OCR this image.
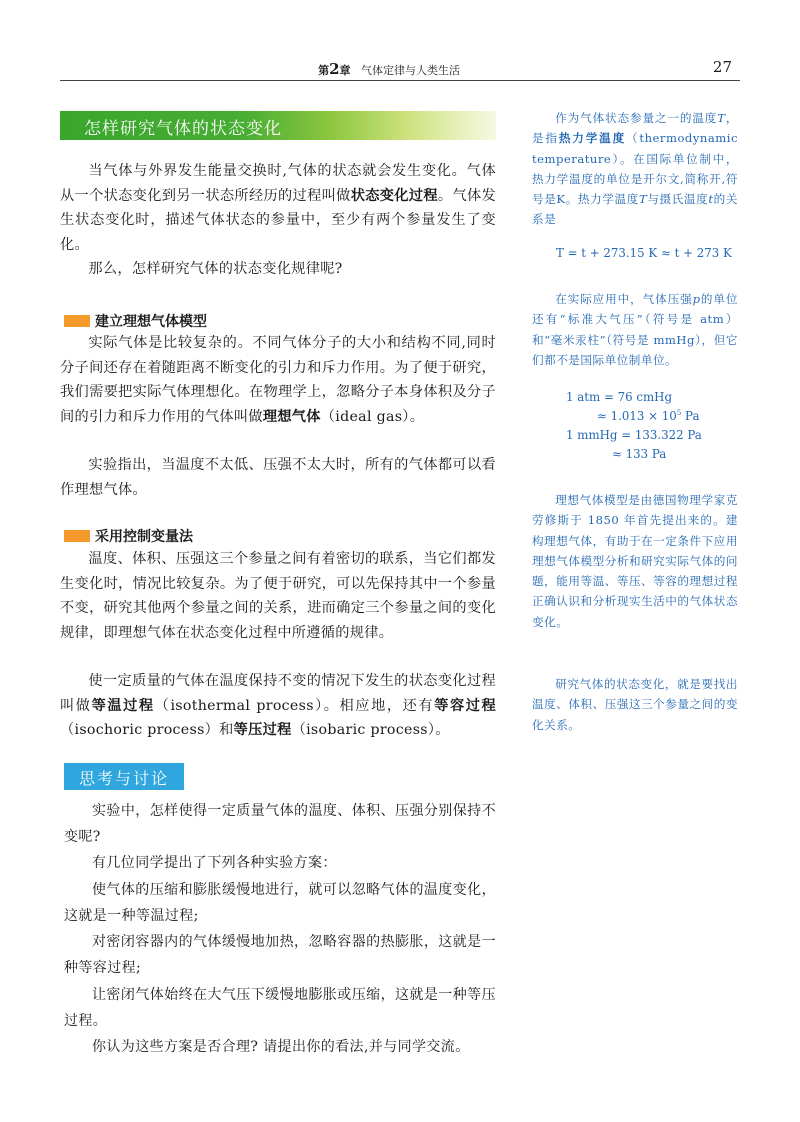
第2章 气体定律与人类生活	27
怎样研究气体的状态变化
当气体与外界发生能量交换时,气体的状态就会发生变化。气体从一个状态变化到另一状态所经历的过程叫做状态变化过程。气体发生状态变化时，描述气体状态的参量中，至少有两个参量发生了变化。
那么，怎样研究气体的状态变化规律呢?
建立理想气体模型
实际气体是比较复杂的。不同气体分子的大小和结构不同,同时分子间还存在着随距离不断变化的引力和斥力作用。为了便于研究，我们需要把实际气体理想化。在物理学上，忽略分子本身体积及分子间的引力和斥力作用的气体叫做理想气体（ideal gas）。
实验指出，当温度不太低、压强不太大时，所有的气体都可以看作理想气体。
采用控制变量法
温度、体积、压强这三个参量之间有着密切的联系，当它们都发生变化时，情况比较复杂。为了便于研究，可以先保持其中一个参量不变，研究其他两个参量之间的关系，进而确定三个参量之间的变化规律，即理想气体在状态变化过程中所遵循的规律。
使一定质量的气体在温度保持不变的情况下发生的状态变化过程叫做等温过程（isothermal process）。相应地，还有等容过程（isochoric process）和等压过程（isobaric process）。
思考与讨论
实验中，怎样使得一定质量气体的温度、体积、压强分别保持不变呢?
有几位同学提出了下列各种实验方案：
使气体的压缩和膨胀缓慢地进行，就可以忽略气体的温度变化，这就是一种等温过程;
对密闭容器内的气体缓慢地加热，忽略容器的热膨胀，这就是一种等容过程;
让密闭气体始终在大气压下缓慢地膨胀或压缩，这就是一种等压过程。
你认为这些方案是否合理? 请提出你的看法,并与同学交流。
作为气体状态参量之一的温度T，是指热力学温度（thermodynamic temperature）。在国际单位制中，热力学温度的单位是开尔文,简称开,符号是K。热力学温度T与摄氏温度t的关系是
T = t + 273.15 K ≈ t + 273 K
在实际应用中，气体压强p的单位还有“标准大气压”（符号是 atm）和“毫米汞柱”（符号是 mmHg），但它们都不是国际单位制单位。
1 atm = 76 cmHg
≈ $1.013 \times 10^5$ Pa
1 mmHg = 133.322 Pa
≈ 133 Pa
理想气体模型是由德国物理学家克劳修斯于 1850 年首先提出来的。建构理想气体，有助于在一定条件下应用理想气体模型分析和研究实际气体的问题，能用等温、等压、等容的理想过程正确认识和分析现实生活中的气体状态变化。
研究气体的状态变化，就是要找出温度、体积、压强这三个参量之间的变化关系。
